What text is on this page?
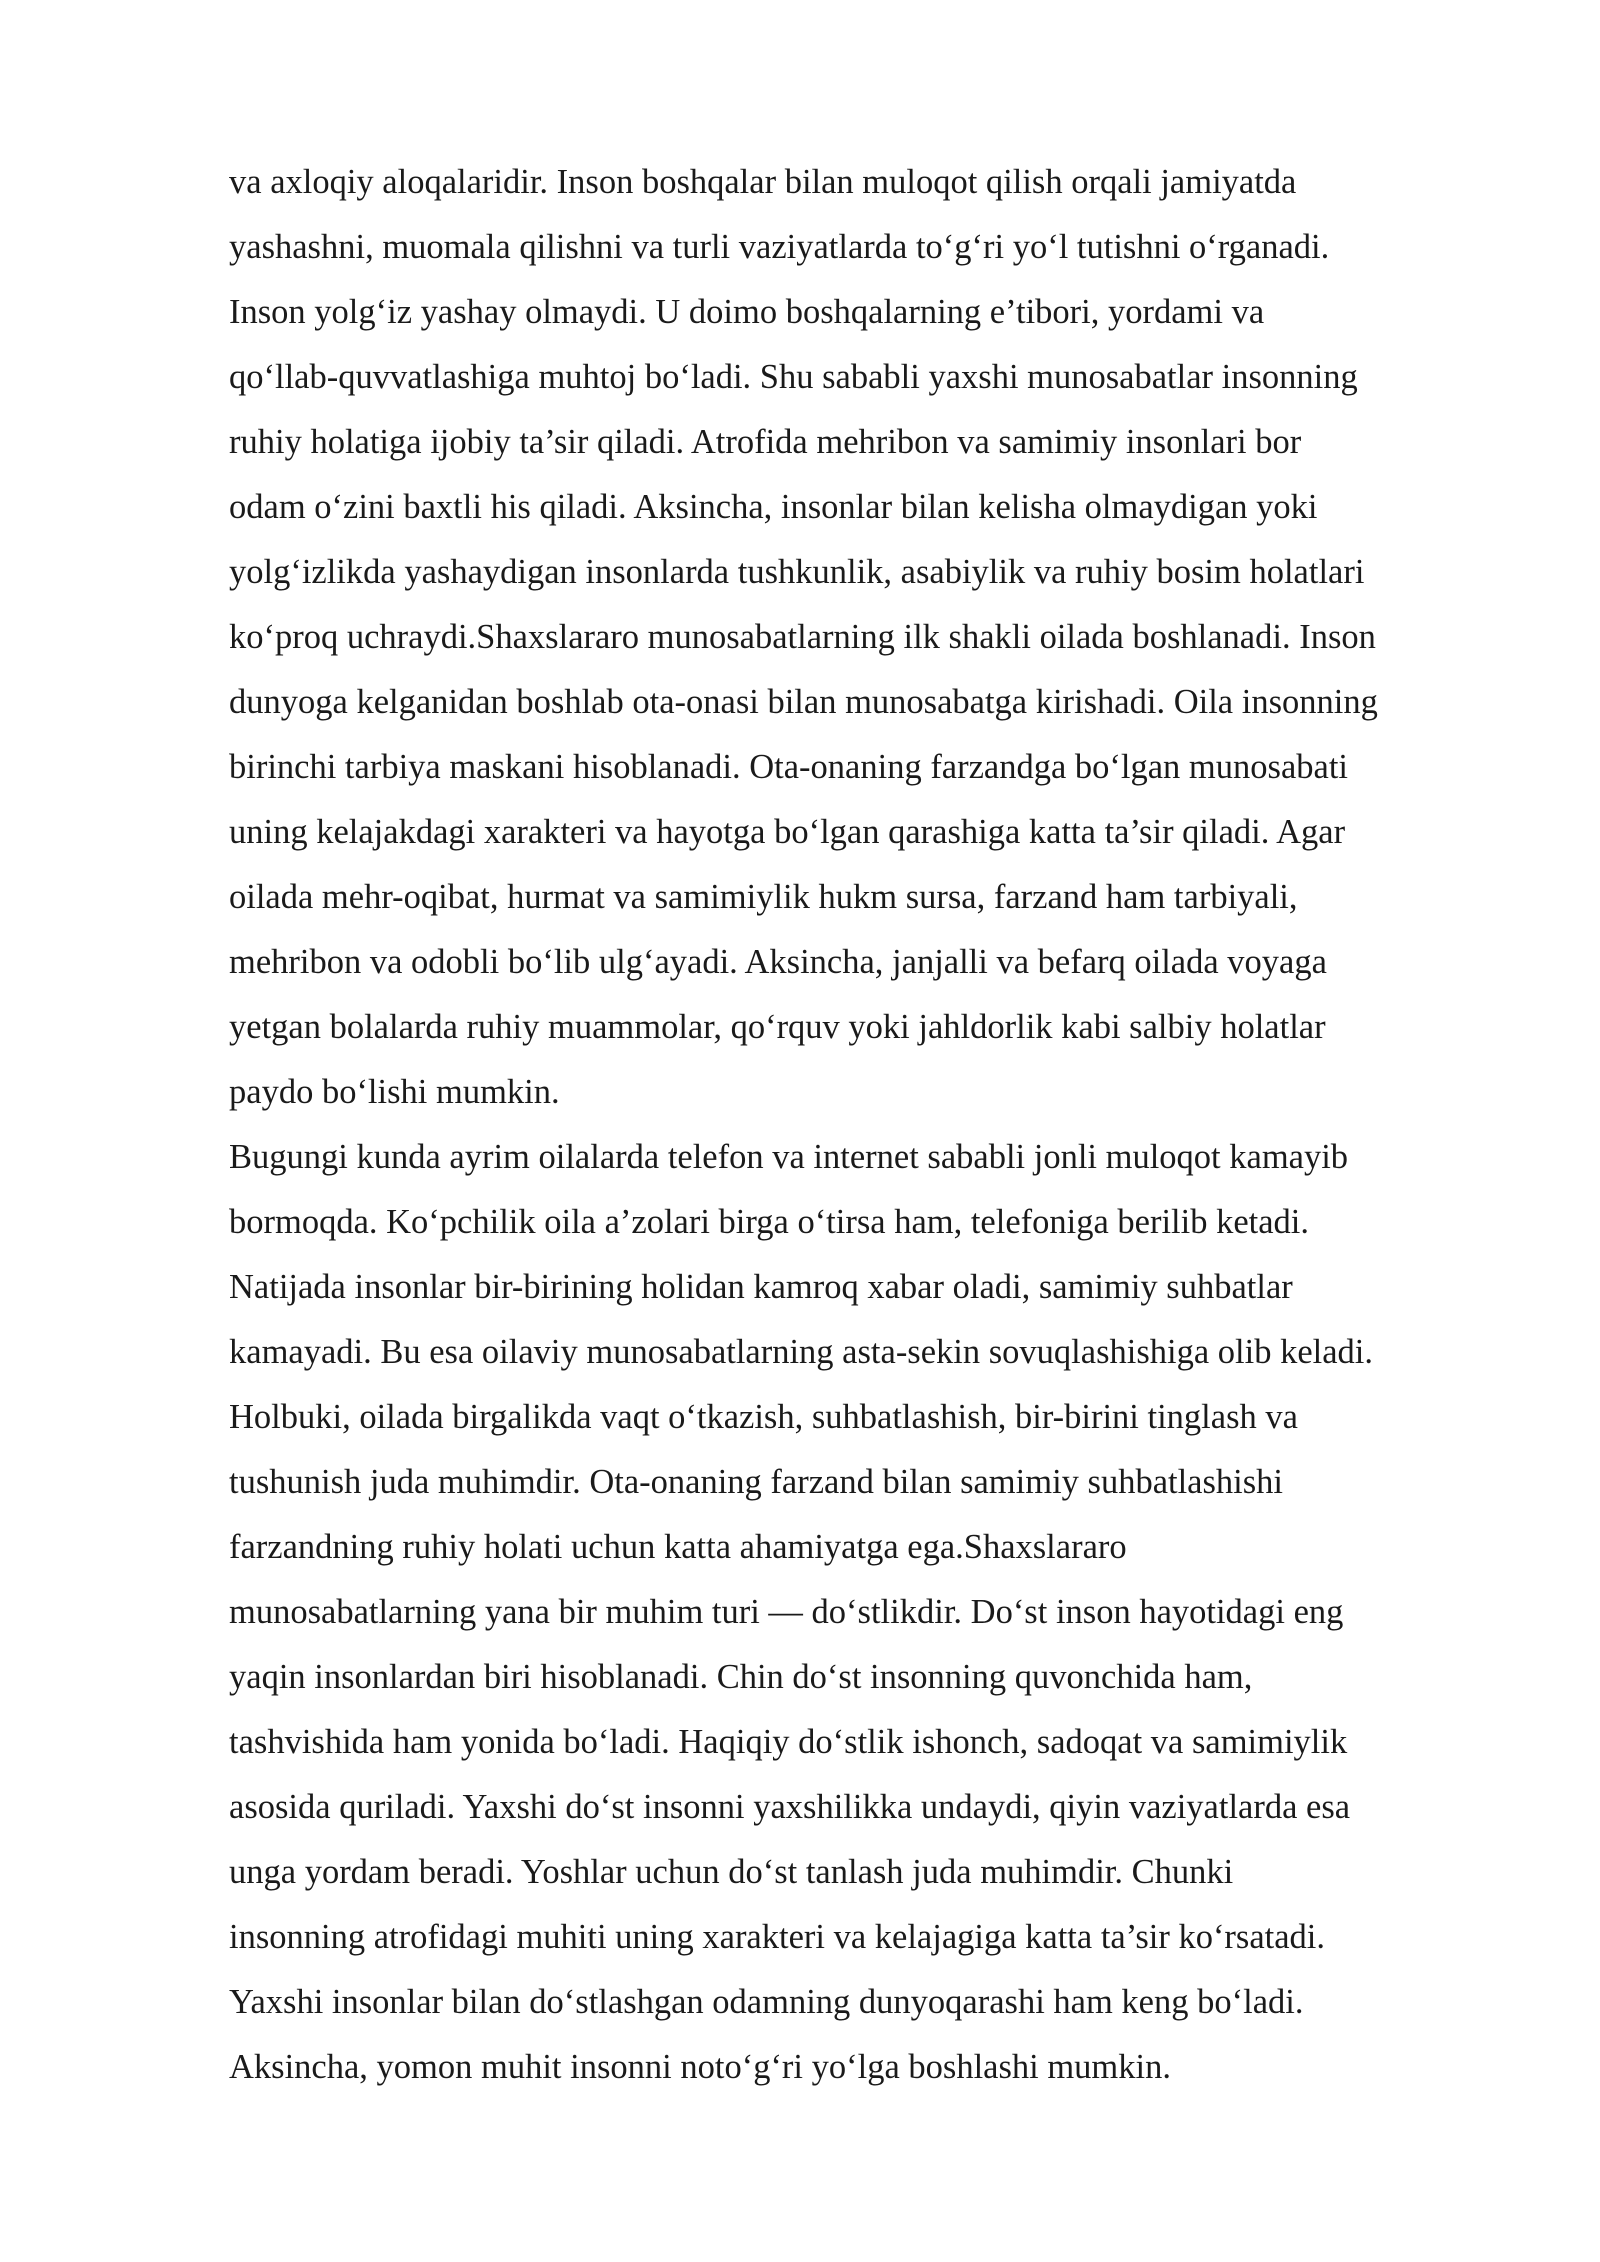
va axloqiy aloqalaridir. Inson boshqalar bilan muloqot qilish orqali jamiyatda
yashashni, muomala qilishni va turli vaziyatlarda to‘g‘ri yo‘l tutishni o‘rganadi.
Inson yolg‘iz yashay olmaydi. U doimo boshqalarning e’tibori, yordami va
qo‘llab-quvvatlashiga muhtoj bo‘ladi. Shu sababli yaxshi munosabatlar insonning
ruhiy holatiga ijobiy ta’sir qiladi. Atrofida mehribon va samimiy insonlari bor
odam o‘zini baxtli his qiladi. Aksincha, insonlar bilan kelisha olmaydigan yoki
yolg‘izlikda yashaydigan insonlarda tushkunlik, asabiylik va ruhiy bosim holatlari
ko‘proq uchraydi.Shaxslararo munosabatlarning ilk shakli oilada boshlanadi. Inson
dunyoga kelganidan boshlab ota-onasi bilan munosabatga kirishadi. Oila insonning
birinchi tarbiya maskani hisoblanadi. Ota-onaning farzandga bo‘lgan munosabati
uning kelajakdagi xarakteri va hayotga bo‘lgan qarashiga katta ta’sir qiladi. Agar
oilada mehr-oqibat, hurmat va samimiylik hukm sursa, farzand ham tarbiyali,
mehribon va odobli bo‘lib ulg‘ayadi. Aksincha, janjalli va befarq oilada voyaga
yetgan bolalarda ruhiy muammolar, qo‘rquv yoki jahldorlik kabi salbiy holatlar
paydo bo‘lishi mumkin.
Bugungi kunda ayrim oilalarda telefon va internet sababli jonli muloqot kamayib
bormoqda. Ko‘pchilik oila a’zolari birga o‘tirsa ham, telefoniga berilib ketadi.
Natijada insonlar bir-birining holidan kamroq xabar oladi, samimiy suhbatlar
kamayadi. Bu esa oilaviy munosabatlarning asta-sekin sovuqlashishiga olib keladi.
Holbuki, oilada birgalikda vaqt o‘tkazish, suhbatlashish, bir-birini tinglash va
tushunish juda muhimdir. Ota-onaning farzand bilan samimiy suhbatlashishi
farzandning ruhiy holati uchun katta ahamiyatga ega.Shaxslararo
munosabatlarning yana bir muhim turi — do‘stlikdir. Do‘st inson hayotidagi eng
yaqin insonlardan biri hisoblanadi. Chin do‘st insonning quvonchida ham,
tashvishida ham yonida bo‘ladi. Haqiqiy do‘stlik ishonch, sadoqat va samimiylik
asosida quriladi. Yaxshi do‘st insonni yaxshilikka undaydi, qiyin vaziyatlarda esa
unga yordam beradi. Yoshlar uchun do‘st tanlash juda muhimdir. Chunki
insonning atrofidagi muhiti uning xarakteri va kelajagiga katta ta’sir ko‘rsatadi.
Yaxshi insonlar bilan do‘stlashgan odamning dunyoqarashi ham keng bo‘ladi.
Aksincha, yomon muhit insonni noto‘g‘ri yo‘lga boshlashi mumkin.
